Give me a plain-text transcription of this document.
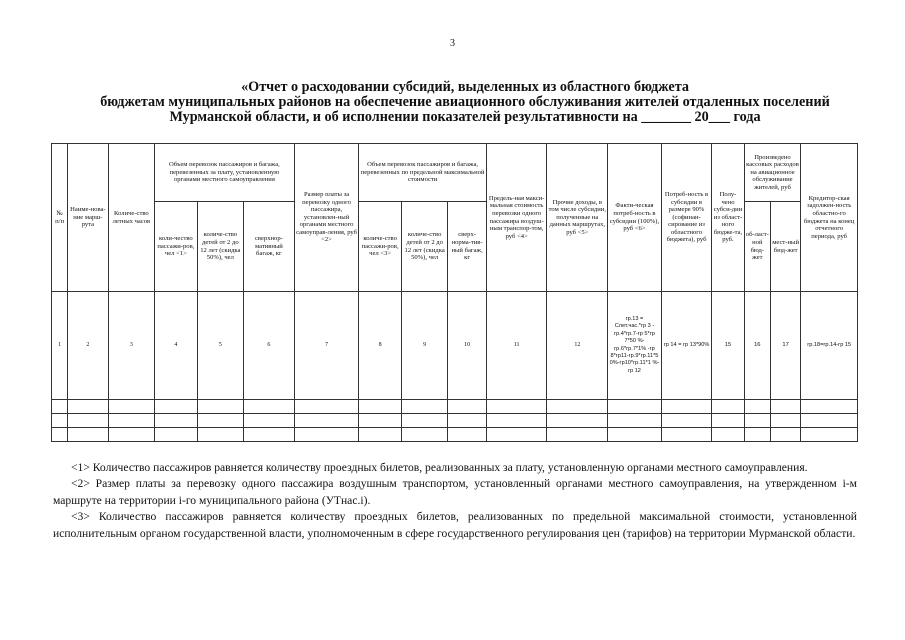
3
«Отчет о расходовании субсидий, выделенных из областного бюджета
бюджетам муниципальных районов на обеспечение авиационного обслуживания жителей отдаленных поселений
Мурманской области, и об исполнении показателей результативности на _______ 20___ года
№ п/п	Наиме-нова-ние марш-рута	Количе-ство летных часов	Объем перевозок пассажиров и багажа, перевезенных за плату, установленную органами местного самоуправления			Размер платы за перевозку одного пассажира, установлен-ный органами местного самоуправ-ления, руб <2>	Объем перевозок пассажиров и багажа, перевезенных по предельной максимальной стоимости			Предель-ная макси-мальная стоимость перевозки одного пассажира воздуш-ным транспор-том, руб <4>	Прочие доходы, в том числе субсидии, полученные на данных маршрутах, руб <5>	Факти-ческая потреб-ность в субсидии (100%), руб <6>	Потреб-ность в субсидии в размере 90% (софинан-сирование из областного бюджета), руб	Полу-чено субси-дии из област-ного бюдже-та, руб.	Произведено кассовых расходов на авиационное обслуживание жителей, руб		Кредитор-ская задолжен-ность областно-го бюджета на конец отчетного периода, руб
			коли-чество пассажи-ров, чел <1>	количе-ство детей от 2 до 12 лет (скидка 50%), чел	сверхнор-мативный багаж, кг		количе-ство пассажи-ров, чел <3>	количе-ство детей от 2 до 12 лет (скидка 50%), чел	сверх-норма-тив-ный багаж, кг						об-ласт-ной бюд-жет	мест-ный бюд-жет	
1	2	3	4	5	6	7	8	9	10	11	12	гр.13 = Слет.час.*гр 3 - гр.4*гр.7-гр 5*гр 7*50 %-гр.6*гр.7*1% -гр 8*гр11-гр.9*гр.11*5 0%-гр10*гр.11*1 %-гр 12	гр 14 = гр 13*90%	15	16	17	гр.18=гр.14-гр 15

<1> Количество пассажиров равняется количеству проездных билетов, реализованных за плату, установленную органами местного самоуправления.

<2> Размер платы за перевозку одного пассажира воздушным транспортом, установленный органами местного самоуправления, на утвержденном i-м маршруте на территории i-го муниципального района (УТнас.i).

<3> Количество пассажиров равняется количеству проездных билетов, реализованных по предельной максимальной стоимости, установленной исполнительным органом государственной власти, уполномоченным в сфере государственного регулирования цен (тарифов) на территории Мурманской области.
